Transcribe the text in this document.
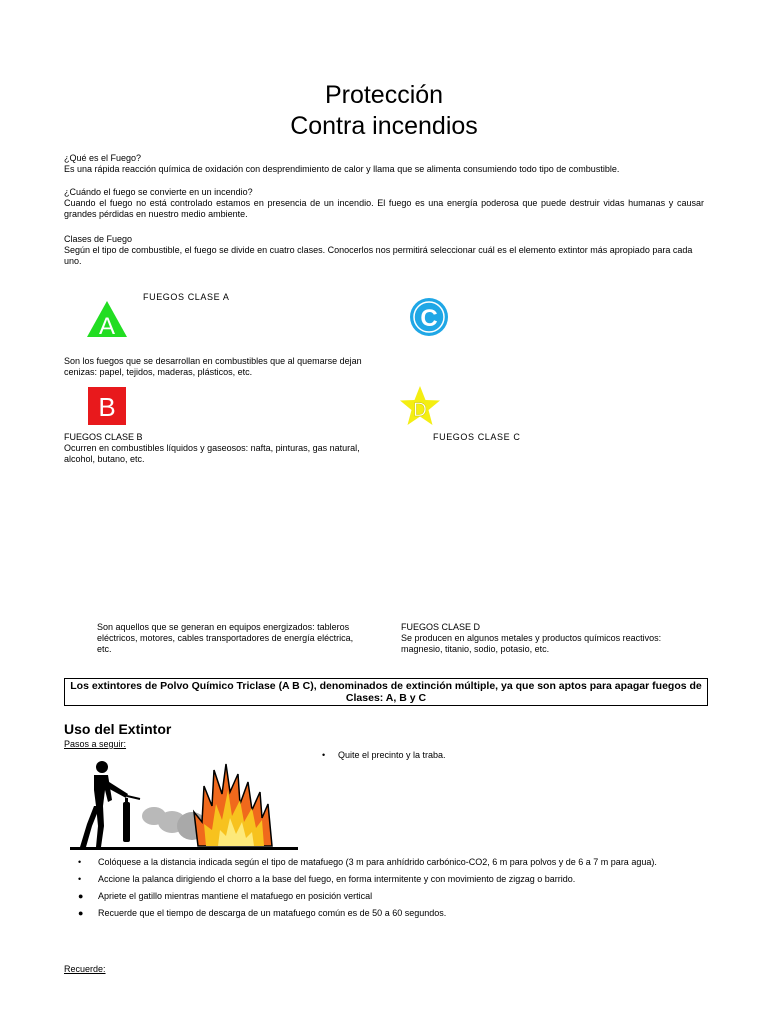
Protección
Contra incendios
¿Qué es el Fuego?
Es una rápida reacción química de oxidación con desprendimiento de calor y llama que se alimenta consumiendo todo tipo de combustible.
¿Cuándo el fuego se convierte en un incendio?
Cuando el fuego no está controlado estamos en presencia de un incendio. El fuego es una energía poderosa que puede destruir vidas humanas y causar grandes pérdidas en nuestro medio ambiente.
Clases de Fuego
Según el tipo de combustible, el fuego se divide en cuatro clases. Conocerlos nos permitirá seleccionar cuál es el elemento extintor más apropiado para cada uno.
A
FUEGOS CLASE A
Son los fuegos que se desarrollan en combustibles que al quemarse dejan cenizas: papel, tejidos, maderas, plásticos, etc.
C
B
FUEGOS CLASE B
Ocurren en combustibles líquidos y gaseosos: nafta, pinturas, gas natural, alcohol, butano, etc.
D
FUEGOS CLASE C
Son aquellos que se generan en equipos energizados: tableros eléctricos, motores, cables transportadores de energía eléctrica, etc.
FUEGOS CLASE D
Se producen en algunos metales y productos químicos reactivos: magnesio, titanio, sodio, potasio, etc.
Los extintores de Polvo Químico Triclase (A B C), denominados de extinción múltiple, ya que son aptos para apagar fuegos de Clases: A, B y C
Uso del Extintor
Pasos a seguir:
• Quite el precinto y la traba.
• Colóquese a la distancia indicada según el tipo de matafuego (3 m para anhídrido carbónico-CO2, 6 m para polvos y de 6 a 7 m para agua).
• Accione la palanca dirigiendo el chorro a la base del fuego, en forma intermitente y con movimiento de zigzag o barrido.
● Apriete el gatillo mientras mantiene el matafuego en posición vertical
● Recuerde que el tiempo de descarga de un matafuego común es de 50 a 60 segundos.
Recuerde:
